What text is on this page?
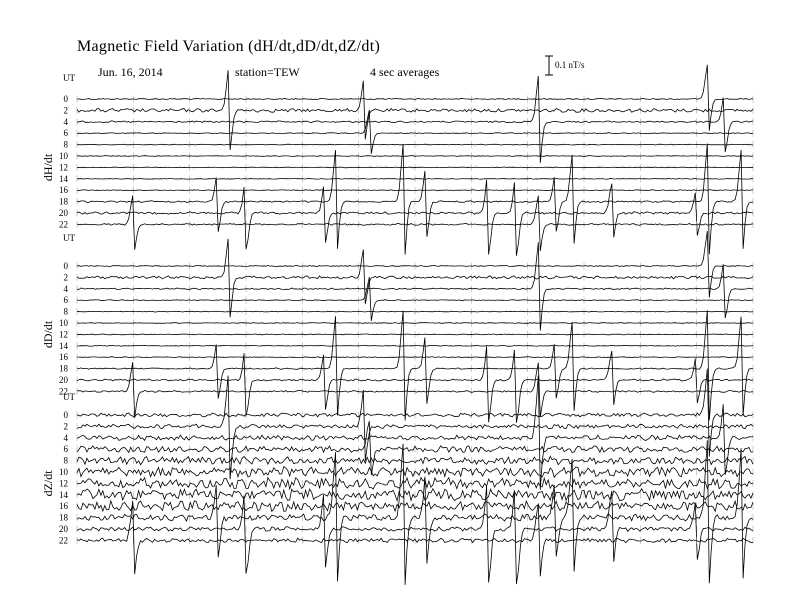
Magnetic Field Variation (dH/dt,dD/dt,dZ/dt)
Jun. 16, 2014	station=TEW	4 sec averages	0.1 nT/s
UT
dH/dt
0
2
4
6
8
10
12
14
16
18
20
22
UT
dD/dt
0
2
4
6
8
10
12
14
16
18
20
22
UT
dZ/dt
0
2
4
6
8
10
12
14
16
18
20
22
